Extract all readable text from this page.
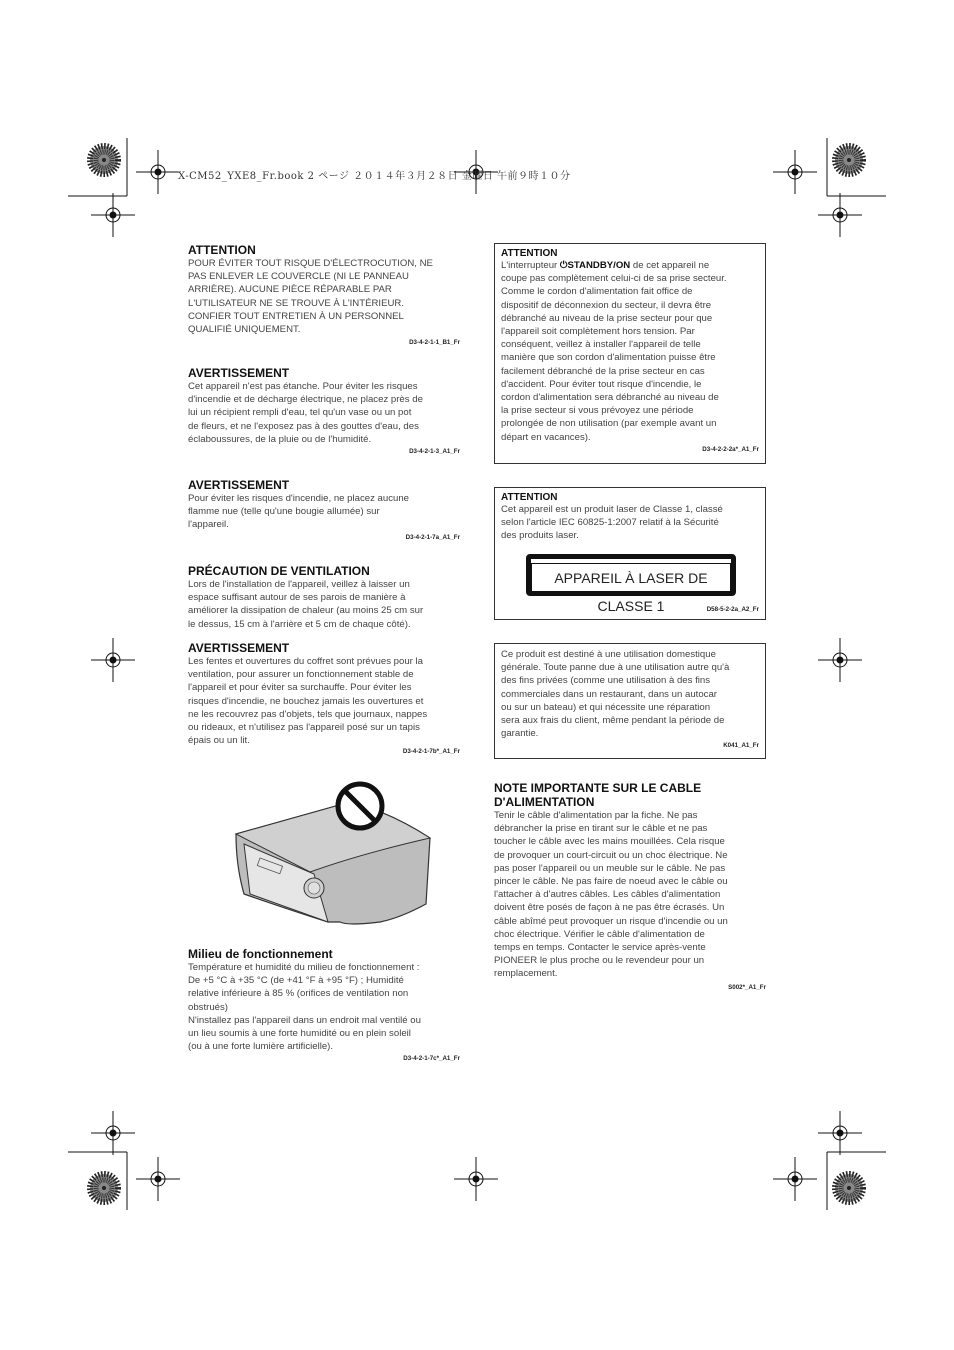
X-CM52_YXE8_Fr.book 2 ページ ２０１４年３月２８日 金曜日 午前９時１０分
ATTENTION
POUR ÉVITER TOUT RISQUE D'ÉLECTROCUTION, NE
PAS ENLEVER LE COUVERCLE (NI LE PANNEAU
ARRIÈRE). AUCUNE PIÈCE RÉPARABLE PAR
L'UTILISATEUR NE SE TROUVE À L'INTÉRIEUR.
CONFIER TOUT ENTRETIEN À UN PERSONNEL
QUALIFIÉ UNIQUEMENT.
D3-4-2-1-1_B1_Fr
AVERTISSEMENT
Cet appareil n'est pas étanche. Pour éviter les risques
d'incendie et de décharge électrique, ne placez près de
lui un récipient rempli d'eau, tel qu'un vase ou un pot
de fleurs, et ne l'exposez pas à des gouttes d'eau, des
éclaboussures, de la pluie ou de l'humidité.
D3-4-2-1-3_A1_Fr
AVERTISSEMENT
Pour éviter les risques d'incendie, ne placez aucune
flamme nue (telle qu'une bougie allumée) sur
l'appareil.
D3-4-2-1-7a_A1_Fr
PRÉCAUTION DE VENTILATION
Lors de l'installation de l'appareil, veillez à laisser un
espace suffisant autour de ses parois de manière à
améliorer la dissipation de chaleur (au moins 25 cm sur
le dessus, 15 cm à l'arrière et 5 cm de chaque côté).
AVERTISSEMENT
Les fentes et ouvertures du coffret sont prévues pour la
ventilation, pour assurer un fonctionnement stable de
l'appareil et pour éviter sa surchauffe. Pour éviter les
risques d'incendie, ne bouchez jamais les ouvertures et
ne les recouvrez pas d'objets, tels que journaux, nappes
ou rideaux, et n'utilisez pas l'appareil posé sur un tapis
épais ou un lit.
D3-4-2-1-7b*_A1_Fr
Milieu de fonctionnement
Température et humidité du milieu de fonctionnement :
De +5 °C à +35 °C (de +41 °F à +95 °F) ; Humidité
relative inférieure à 85 % (orifices de ventilation non
obstrués)
N'installez pas l'appareil dans un endroit mal ventilé ou
un lieu soumis à une forte humidité ou en plein soleil
(ou à une forte lumière artificielle).
D3-4-2-1-7c*_A1_Fr
ATTENTION
L'interrupteur ⏻STANDBY/ON de cet appareil ne
coupe pas complètement celui-ci de sa prise secteur.
Comme le cordon d'alimentation fait office de
dispositif de déconnexion du secteur, il devra être
débranché au niveau de la prise secteur pour que
l'appareil soit complètement hors tension. Par
conséquent, veillez à installer l'appareil de telle
manière que son cordon d'alimentation puisse être
facilement débranché de la prise secteur en cas
d'accident. Pour éviter tout risque d'incendie, le
cordon d'alimentation sera débranché au niveau de
la prise secteur si vous prévoyez une période
prolongée de non utilisation (par exemple avant un
départ en vacances).
D3-4-2-2-2a*_A1_Fr
ATTENTION
Cet appareil est un produit laser de Classe 1, classé
selon l'article IEC 60825-1:2007 relatif à la Sécurité
des produits laser.
APPAREIL À LASER DE CLASSE 1	D58-5-2-2a_A2_Fr
Ce produit est destiné à une utilisation domestique
générale. Toute panne due à une utilisation autre qu'à
des fins privées (comme une utilisation à des fins
commerciales dans un restaurant, dans un autocar
ou sur un bateau) et qui nécessite une réparation
sera aux frais du client, même pendant la période de
garantie.
K041_A1_Fr
NOTE IMPORTANTE SUR LE CABLE
D'ALIMENTATION
Tenir le câble d'alimentation par la fiche. Ne pas
débrancher la prise en tirant sur le câble et ne pas
toucher le câble avec les mains mouillées. Cela risque
de provoquer un court-circuit ou un choc électrique. Ne
pas poser l'appareil ou un meuble sur le câble. Ne pas
pincer le câble. Ne pas faire de noeud avec le câble ou
l'attacher à d'autres câbles. Les câbles d'alimentation
doivent être posés de façon à ne pas être écrasés. Un
câble abîmé peut provoquer un risque d'incendie ou un
choc électrique. Vérifier le câble d'alimentation de
temps en temps. Contacter le service après-vente
PIONEER le plus proche ou le revendeur pour un
remplacement.
S002*_A1_Fr
